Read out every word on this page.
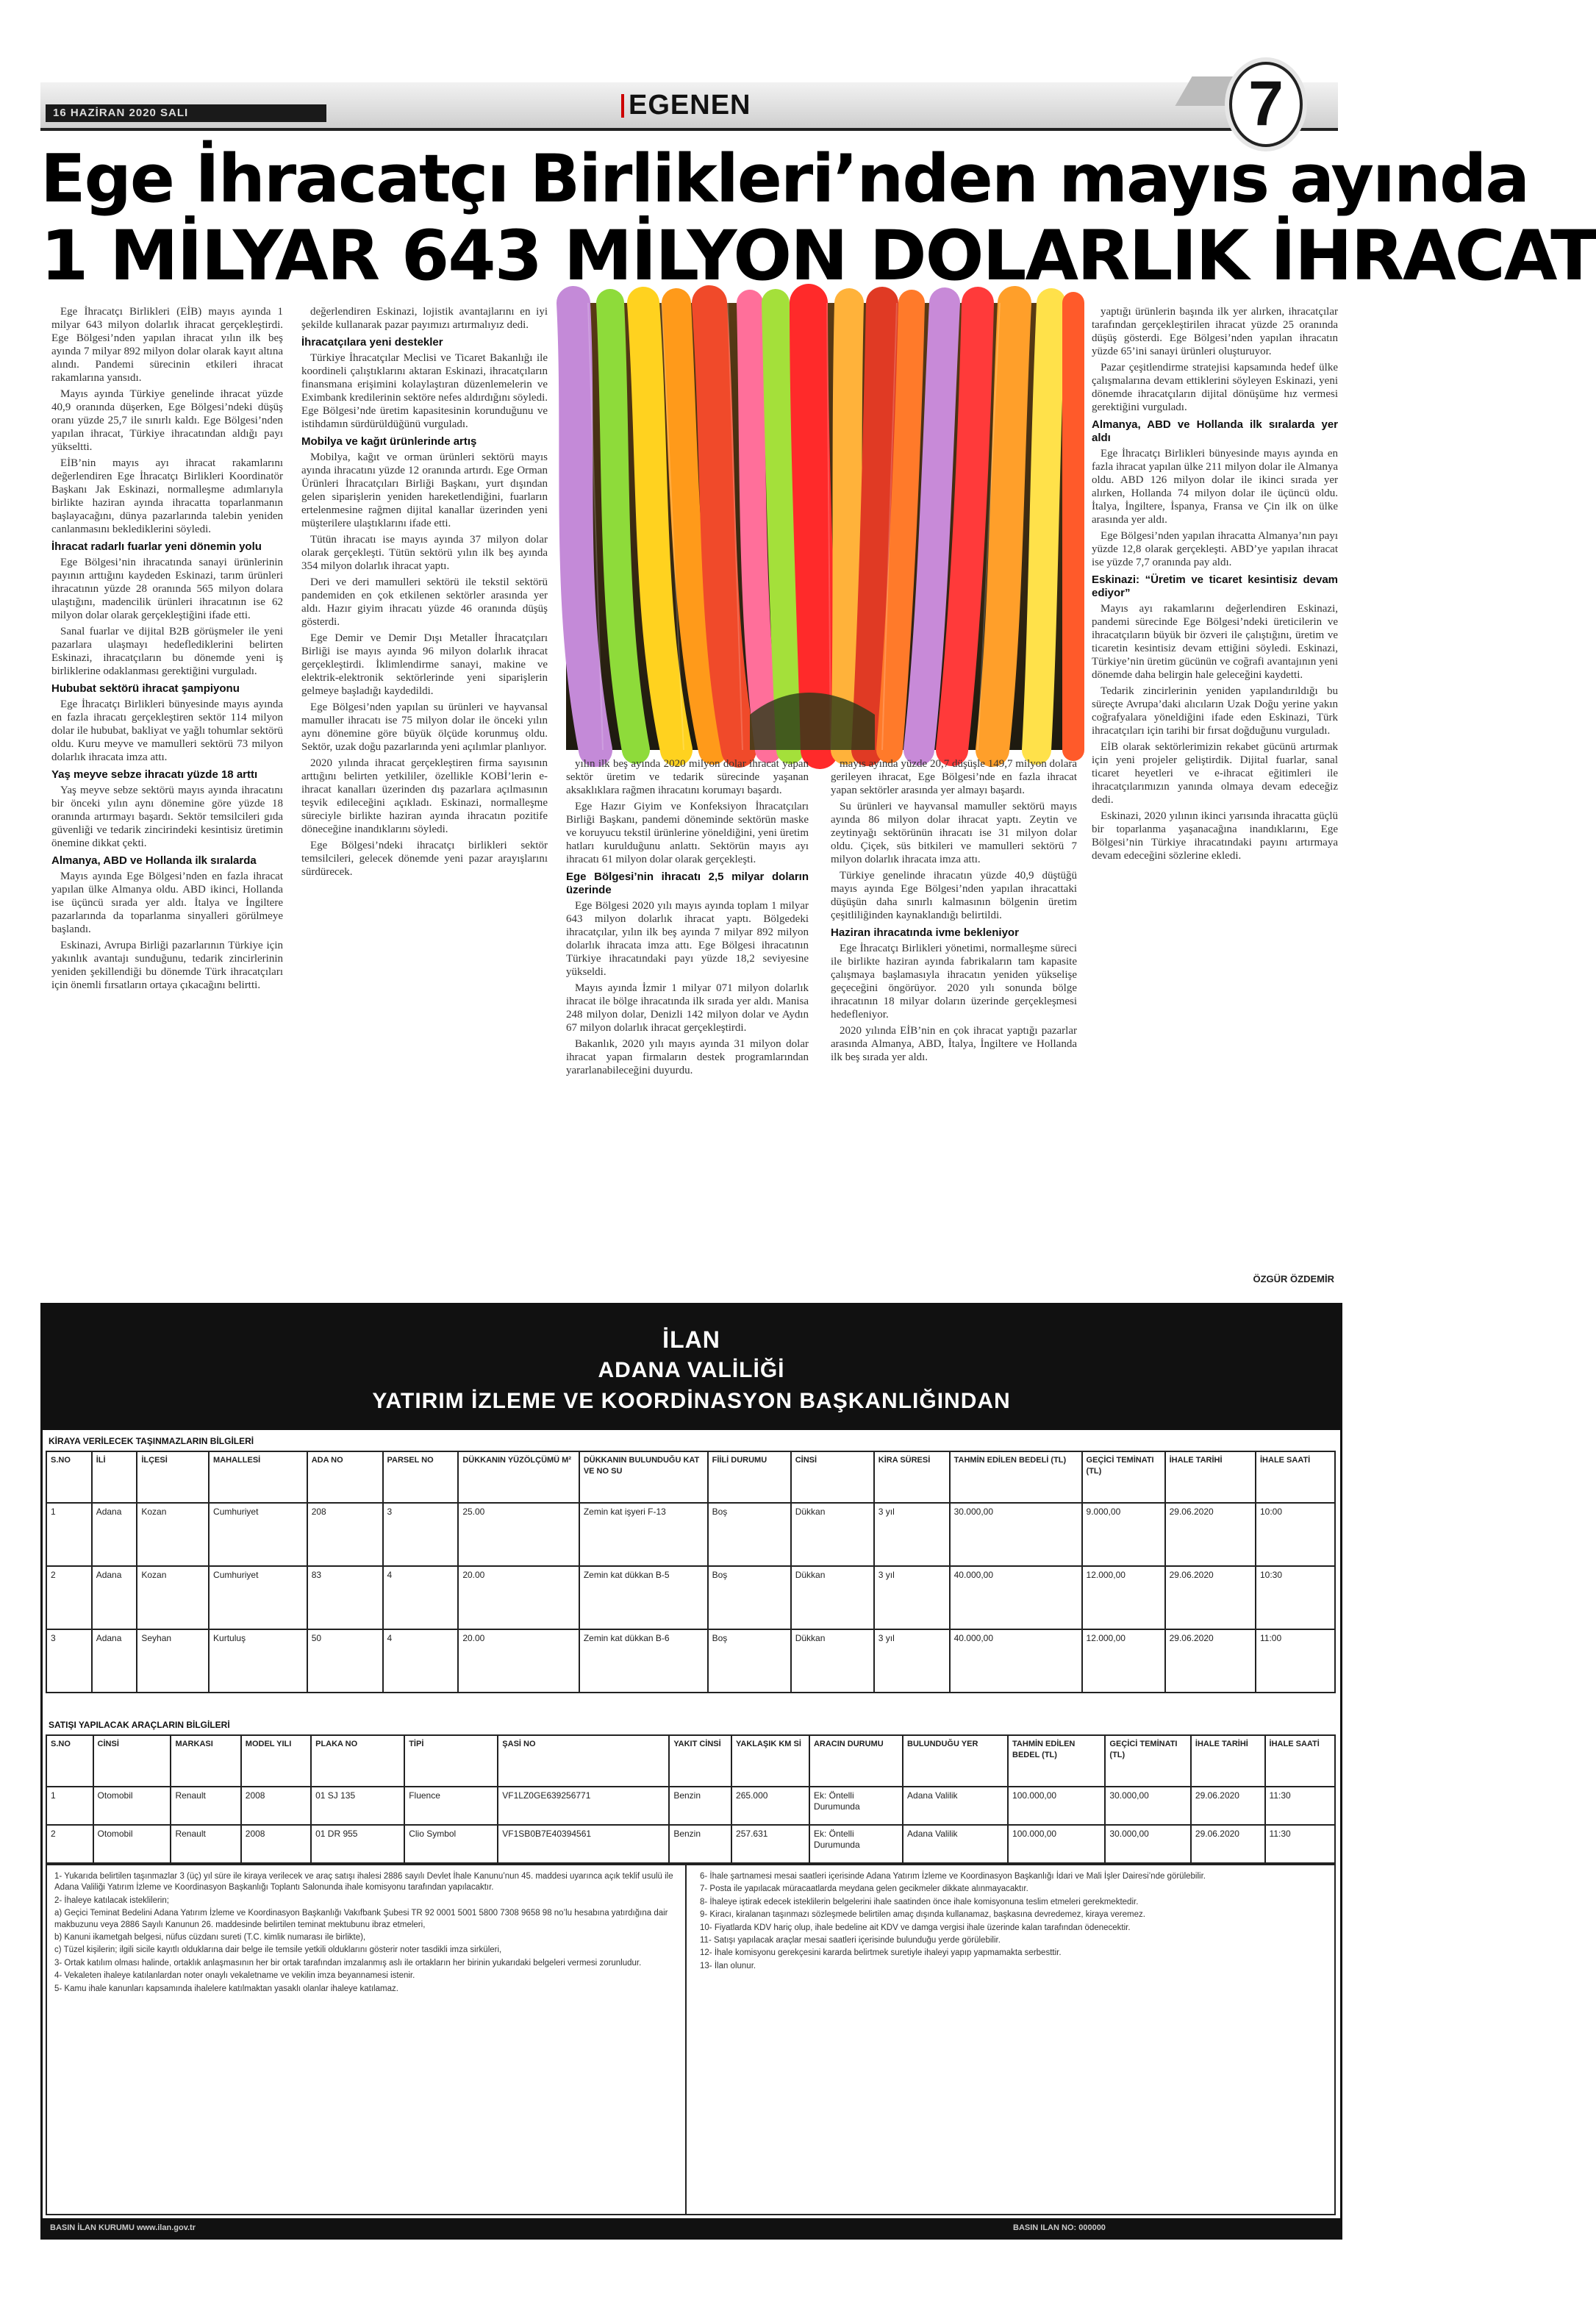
16 HAZİRAN 2020 SALI	EGENEN	7
Ege İhracatçı Birlikleri’nden mayıs ayında
1 MİLYAR 643 MİLYON DOLARLIK İHRACAT

Ege İhracatçı Birlikleri (EİB) mayıs ayında 1 milyar 643 milyon dolarlık ihracat gerçekleştirdi. Ege Bölgesi’nden yapılan ihracat yılın ilk beş ayında 7 milyar 892 milyon dolar olarak kayıt altına alındı. Pandemi sürecinin etkileri ihracat rakamlarına yansıdı.

Mayıs ayında Türkiye genelinde ihracat yüzde 40,9 oranında düşerken, Ege Bölgesi’ndeki düşüş oranı yüzde 25,7 ile sınırlı kaldı. Ege Bölgesi’nden yapılan ihracat, Türkiye ihracatından aldığı payı yükseltti.

EİB’nin mayıs ayı ihracat rakamlarını değerlendiren Ege İhracatçı Birlikleri Koordinatör Başkanı Jak Eskinazi, normalleşme adımlarıyla birlikte haziran ayında ihracatta toparlanmanın başlayacağını, dünya pazarlarında talebin yeniden canlanmasını beklediklerini söyledi.

İhracat radarlı fuarlar yeni dönemin yolu

Ege Bölgesi’nin ihracatında sanayi ürünlerinin payının arttığını kaydeden Eskinazi, tarım ürünleri ihracatının yüzde 28 oranında 565 milyon dolara ulaştığını, madencilik ürünleri ihracatının ise 62 milyon dolar olarak gerçekleştiğini ifade etti.

Sanal fuarlar ve dijital B2B görüşmeler ile yeni pazarlara ulaşmayı hedeflediklerini belirten Eskinazi, ihracatçıların bu dönemde yeni iş birliklerine odaklanması gerektiğini vurguladı.

Hububat sektörü ihracat şampiyonu

Ege İhracatçı Birlikleri bünyesinde mayıs ayında en fazla ihracatı gerçekleştiren sektör 114 milyon dolar ile hububat, bakliyat ve yağlı tohumlar sektörü oldu. Kuru meyve ve mamulleri sektörü 73 milyon dolarlık ihracata imza attı.

Yaş meyve sebze ihracatı yüzde 18 arttı

Yaş meyve sebze sektörü mayıs ayında ihracatını bir önceki yılın aynı dönemine göre yüzde 18 oranında artırmayı başardı. Sektör temsilcileri gıda güvenliği ve tedarik zincirindeki kesintisiz üretimin önemine dikkat çekti.

Almanya, ABD ve Hollanda ilk sıralarda

Mayıs ayında Ege Bölgesi’nden en fazla ihracat yapılan ülke Almanya oldu. ABD ikinci, Hollanda ise üçüncü sırada yer aldı. İtalya ve İngiltere pazarlarında da toparlanma sinyalleri görülmeye başlandı.

Eskinazi, Avrupa Birliği pazarlarının Türkiye için yakınlık avantajı sunduğunu, tedarik zincirlerinin yeniden şekillendiği bu dönemde Türk ihracatçıları için önemli fırsatların ortaya çıkacağını belirtti.

değerlendiren Eskinazi, lojistik avantajlarını en iyi şekilde kullanarak pazar payımızı artırmalıyız dedi.

İhracatçılara yeni destekler

Türkiye İhracatçılar Meclisi ve Ticaret Bakanlığı ile koordineli çalıştıklarını aktaran Eskinazi, ihracatçıların finansmana erişimini kolaylaştıran düzenlemelerin ve Eximbank kredilerinin sektöre nefes aldırdığını söyledi. Ege Bölgesi’nde üretim kapasitesinin korunduğunu ve istihdamın sürdürüldüğünü vurguladı.

Mobilya ve kağıt ürünlerinde artış

Mobilya, kağıt ve orman ürünleri sektörü mayıs ayında ihracatını yüzde 12 oranında artırdı. Ege Orman Ürünleri İhracatçıları Birliği Başkanı, yurt dışından gelen siparişlerin yeniden hareketlendiğini, fuarların ertelenmesine rağmen dijital kanallar üzerinden yeni müşterilere ulaştıklarını ifade etti.

Tütün ihracatı ise mayıs ayında 37 milyon dolar olarak gerçekleşti. Tütün sektörü yılın ilk beş ayında 354 milyon dolarlık ihracat yaptı.

Deri ve deri mamulleri sektörü ile tekstil sektörü pandemiden en çok etkilenen sektörler arasında yer aldı. Hazır giyim ihracatı yüzde 46 oranında düşüş gösterdi.

Ege Demir ve Demir Dışı Metaller İhracatçıları Birliği ise mayıs ayında 96 milyon dolarlık ihracat gerçekleştirdi. İklimlendirme sanayi, makine ve elektrik-elektronik sektörlerinde yeni siparişlerin gelmeye başladığı kaydedildi.

Ege Bölgesi’nden yapılan su ürünleri ve hayvansal mamuller ihracatı ise 75 milyon dolar ile önceki yılın aynı dönemine göre büyük ölçüde korunmuş oldu. Sektör, uzak doğu pazarlarında yeni açılımlar planlıyor.

2020 yılında ihracat gerçekleştiren firma sayısının arttığını belirten yetkililer, özellikle KOBİ’lerin e-ihracat kanalları üzerinden dış pazarlara açılmasının teşvik edileceğini açıkladı. Eskinazi, normalleşme süreciyle birlikte haziran ayında ihracatın pozitife döneceğine inandıklarını söyledi.

Ege Bölgesi’ndeki ihracatçı birlikleri sektör temsilcileri, gelecek dönemde yeni pazar arayışlarını sürdürecek.

yılın ilk beş ayında 2020 milyon dolar ihracat yapan sektör üretim ve tedarik sürecinde yaşanan aksaklıklara rağmen ihracatını korumayı başardı.

Ege Hazır Giyim ve Konfeksiyon İhracatçıları Birliği Başkanı, pandemi döneminde sektörün maske ve koruyucu tekstil ürünlerine yöneldiğini, yeni üretim hatları kurulduğunu anlattı. Sektörün mayıs ayı ihracatı 61 milyon dolar olarak gerçekleşti.

Ege Bölgesi’nin ihracatı 2,5 milyar doların üzerinde

Ege Bölgesi 2020 yılı mayıs ayında toplam 1 milyar 643 milyon dolarlık ihracat yaptı. Bölgedeki ihracatçılar, yılın ilk beş ayında 7 milyar 892 milyon dolarlık ihracata imza attı. Ege Bölgesi ihracatının Türkiye ihracatındaki payı yüzde 18,2 seviyesine yükseldi.

Mayıs ayında İzmir 1 milyar 071 milyon dolarlık ihracat ile bölge ihracatında ilk sırada yer aldı. Manisa 248 milyon dolar, Denizli 142 milyon dolar ve Aydın 67 milyon dolarlık ihracat gerçekleştirdi.

Bakanlık, 2020 yılı mayıs ayında 31 milyon dolar ihracat yapan firmaların destek programlarından yararlanabileceğini duyurdu.

mayıs ayında yüzde 20,7 düşüşle 149,7 milyon dolara gerileyen ihracat, Ege Bölgesi’nde en fazla ihracat yapan sektörler arasında yer almayı başardı.

Su ürünleri ve hayvansal mamuller sektörü mayıs ayında 86 milyon dolar ihracat yaptı. Zeytin ve zeytinyağı sektörünün ihracatı ise 31 milyon dolar oldu. Çiçek, süs bitkileri ve mamulleri sektörü 7 milyon dolarlık ihracata imza attı.

Türkiye genelinde ihracatın yüzde 40,9 düştüğü mayıs ayında Ege Bölgesi’nden yapılan ihracattaki düşüşün daha sınırlı kalmasının bölgenin üretim çeşitliliğinden kaynaklandığı belirtildi.

Haziran ihracatında ivme bekleniyor

Ege İhracatçı Birlikleri yönetimi, normalleşme süreci ile birlikte haziran ayında fabrikaların tam kapasite çalışmaya başlamasıyla ihracatın yeniden yükselişe geçeceğini öngörüyor. 2020 yılı sonunda bölge ihracatının 18 milyar doların üzerinde gerçekleşmesi hedefleniyor.

2020 yılında EİB’nin en çok ihracat yaptığı pazarlar arasında Almanya, ABD, İtalya, İngiltere ve Hollanda ilk beş sırada yer aldı.

yaptığı ürünlerin başında ilk yer alırken, ihracatçılar tarafından gerçekleştirilen ihracat yüzde 25 oranında düşüş gösterdi. Ege Bölgesi’nden yapılan ihracatın yüzde 65’ini sanayi ürünleri oluşturuyor.

Pazar çeşitlendirme stratejisi kapsamında hedef ülke çalışmalarına devam ettiklerini söyleyen Eskinazi, yeni dönemde ihracatçıların dijital dönüşüme hız vermesi gerektiğini vurguladı.

Almanya, ABD ve Hollanda ilk sıralarda yer aldı

Ege İhracatçı Birlikleri bünyesinde mayıs ayında en fazla ihracat yapılan ülke 211 milyon dolar ile Almanya oldu. ABD 126 milyon dolar ile ikinci sırada yer alırken, Hollanda 74 milyon dolar ile üçüncü oldu. İtalya, İngiltere, İspanya, Fransa ve Çin ilk on ülke arasında yer aldı.

Ege Bölgesi’nden yapılan ihracatta Almanya’nın payı yüzde 12,8 olarak gerçekleşti. ABD’ye yapılan ihracat ise yüzde 7,7 oranında pay aldı.

Eskinazi: “Üretim ve ticaret kesintisiz devam ediyor”

Mayıs ayı rakamlarını değerlendiren Eskinazi, pandemi sürecinde Ege Bölgesi’ndeki üreticilerin ve ihracatçıların büyük bir özveri ile çalıştığını, üretim ve ticaretin kesintisiz devam ettiğini söyledi. Eskinazi, Türkiye’nin üretim gücünün ve coğrafi avantajının yeni dönemde daha belirgin hale geleceğini kaydetti.

Tedarik zincirlerinin yeniden yapılandırıldığı bu süreçte Avrupa’daki alıcıların Uzak Doğu yerine yakın coğrafyalara yöneldiğini ifade eden Eskinazi, Türk ihracatçıları için tarihi bir fırsat doğduğunu vurguladı.

EİB olarak sektörlerimizin rekabet gücünü artırmak için yeni projeler geliştirdik. Dijital fuarlar, sanal ticaret heyetleri ve e-ihracat eğitimleri ile ihracatçılarımızın yanında olmaya devam edeceğiz dedi.

Eskinazi, 2020 yılının ikinci yarısında ihracatta güçlü bir toparlanma yaşanacağına inandıklarını, Ege Bölgesi’nin Türkiye ihracatındaki payını artırmaya devam edeceğini sözlerine ekledi.

ÖZGÜR ÖZDEMİR
İLAN
ADANA VALİLİĞİ
YATIRIM İZLEME VE KOORDİNASYON BAŞKANLIĞINDAN
KİRAYA VERİLECEK TAŞINMAZLARIN BİLGİLERİ
S.NO	İLİ	İLÇESİ	MAHALLESİ	ADA NO	PARSEL NO	DÜKKANIN YÜZÖLÇÜMÜ M²	DÜKKANIN BULUNDUĞU KAT VE NO SU	FİİLİ DURUMU	CİNSİ	KİRA SÜRESİ	TAHMİN EDİLEN BEDELİ (TL)	GEÇİCİ TEMİNATI (TL)	İHALE TARİHİ	İHALE SAATİ
1	Adana	Kozan	Cumhuriyet	208	3	25.00	Zemin kat işyeri F-13	Boş	Dükkan	3 yıl	30.000,00	9.000,00	29.06.2020	10:00
2	Adana	Kozan	Cumhuriyet	83	4	20.00	Zemin kat dükkan B-5	Boş	Dükkan	3 yıl	40.000,00	12.000,00	29.06.2020	10:30
3	Adana	Seyhan	Kurtuluş	50	4	20.00	Zemin kat dükkan B-6	Boş	Dükkan	3 yıl	40.000,00	12.000,00	29.06.2020	11:00
SATIŞI YAPILACAK ARAÇLARIN BİLGİLERİ
S.NO	CİNSİ	MARKASI	MODEL YILI	PLAKA NO	TİPİ	ŞASİ NO	YAKIT CİNSİ	YAKLAŞIK KM Sİ	ARACIN DURUMU	BULUNDUĞU YER	TAHMİN EDİLEN BEDEL (TL)	GEÇİCİ TEMİNATI (TL)	İHALE TARİHİ	İHALE SAATİ
1	Otomobil	Renault	2008	01 SJ 135	Fluence	VF1LZ0GE639256771	Benzin	265.000	Ek: Öntelli Durumunda	Adana Valilik	100.000,00	30.000,00	29.06.2020	11:30
2	Otomobil	Renault	2008	01 DR 955	Clio Symbol	VF1SB0B7E40394561	Benzin	257.631	Ek: Öntelli Durumunda	Adana Valilik	100.000,00	30.000,00	29.06.2020	11:30

1- Yukarıda belirtilen taşınmazlar 3 (üç) yıl süre ile kiraya verilecek ve araç satışı ihalesi 2886 sayılı Devlet İhale Kanunu’nun 45. maddesi uyarınca açık teklif usulü ile Adana Valiliği Yatırım İzleme ve Koordinasyon Başkanlığı Toplantı Salonunda ihale komisyonu tarafından yapılacaktır.

2- İhaleye katılacak isteklilerin;

a) Geçici Teminat Bedelini Adana Yatırım İzleme ve Koordinasyon Başkanlığı Vakıfbank Şubesi TR 92 0001 5001 5800 7308 9658 98 no’lu hesabına yatırdığına dair makbuzunu veya 2886 Sayılı Kanunun 26. maddesinde belirtilen teminat mektubunu ibraz etmeleri,

b) Kanuni ikametgah belgesi, nüfus cüzdanı sureti (T.C. kimlik numarası ile birlikte),

c) Tüzel kişilerin; ilgili sicile kayıtlı olduklarına dair belge ile temsile yetkili olduklarını gösterir noter tasdikli imza sirküleri,

3- Ortak katılım olması halinde, ortaklık anlaşmasının her bir ortak tarafından imzalanmış aslı ile ortakların her birinin yukarıdaki belgeleri vermesi zorunludur.

4- Vekaleten ihaleye katılanlardan noter onaylı vekaletname ve vekilin imza beyannamesi istenir.

5- Kamu ihale kanunları kapsamında ihalelere katılmaktan yasaklı olanlar ihaleye katılamaz.

6- İhale şartnamesi mesai saatleri içerisinde Adana Yatırım İzleme ve Koordinasyon Başkanlığı İdari ve Mali İşler Dairesi’nde görülebilir.

7- Posta ile yapılacak müracaatlarda meydana gelen gecikmeler dikkate alınmayacaktır.

8- İhaleye iştirak edecek isteklilerin belgelerini ihale saatinden önce ihale komisyonuna teslim etmeleri gerekmektedir.

9- Kiracı, kiralanan taşınmazı sözleşmede belirtilen amaç dışında kullanamaz, başkasına devredemez, kiraya veremez.

10- Fiyatlarda KDV hariç olup, ihale bedeline ait KDV ve damga vergisi ihale üzerinde kalan tarafından ödenecektir.

11- Satışı yapılacak araçlar mesai saatleri içerisinde bulunduğu yerde görülebilir.

12- İhale komisyonu gerekçesini kararda belirtmek suretiyle ihaleyi yapıp yapmamakta serbesttir.

13- İlan olunur.

BASIN İLAN KURUMU www.ilan.gov.tr	BASIN ILAN NO: 000000
